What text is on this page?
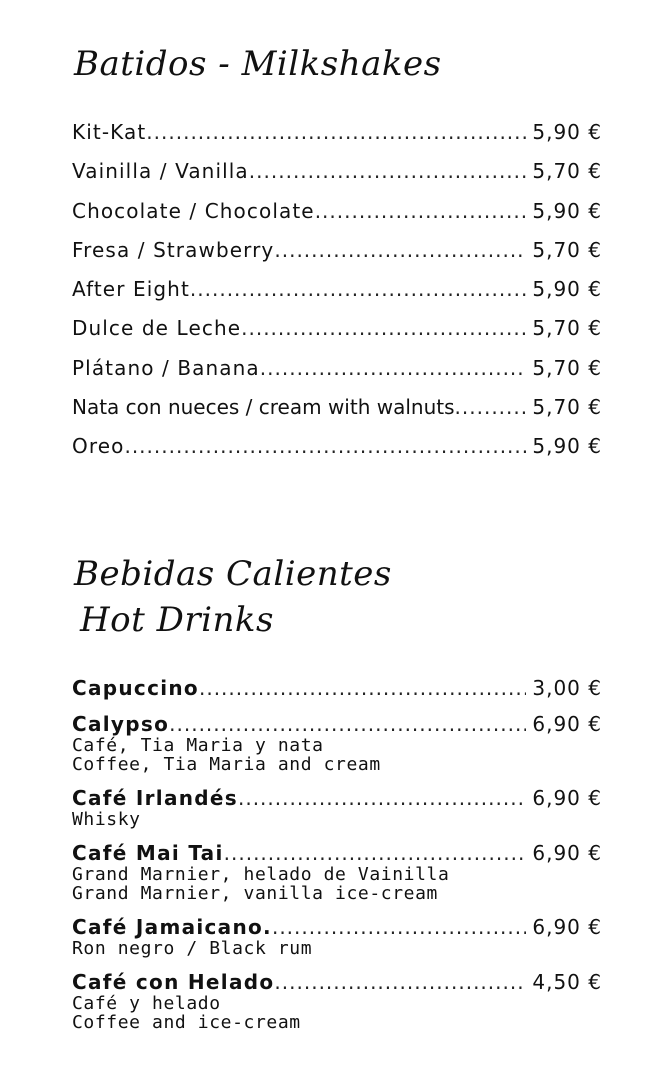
Batidos - Milkshakes
Kit-Kat .....	5,90 €
Vainilla / Vanilla .....	5,70 €
Chocolate / Chocolate .....	5,90 €
Fresa / Strawberry .....	5,70 €
After Eight .....	5,90 €
Dulce de Leche .....	5,70 €
Plátano / Banana .....	5,70 €
Nata con nueces / cream with walnuts .....	5,70 €
Oreo .....	5,90 €
Bebidas Calientes
Hot Drinks
Capuccino .....	3,00 €
Calypso .....	6,90 €
Café, Tia Maria y nata
Coffee, Tia Maria and cream
Café Irlandés .....	6,90 €
Whisky
Café Mai Tai .....	6,90 €
Grand Marnier, helado de Vainilla
Grand Marnier, vanilla ice-cream
Café Jamaicano. .....	6,90 €
Ron negro / Black rum
Café con Helado .....	4,50 €
Café y helado
Coffee and ice-cream
